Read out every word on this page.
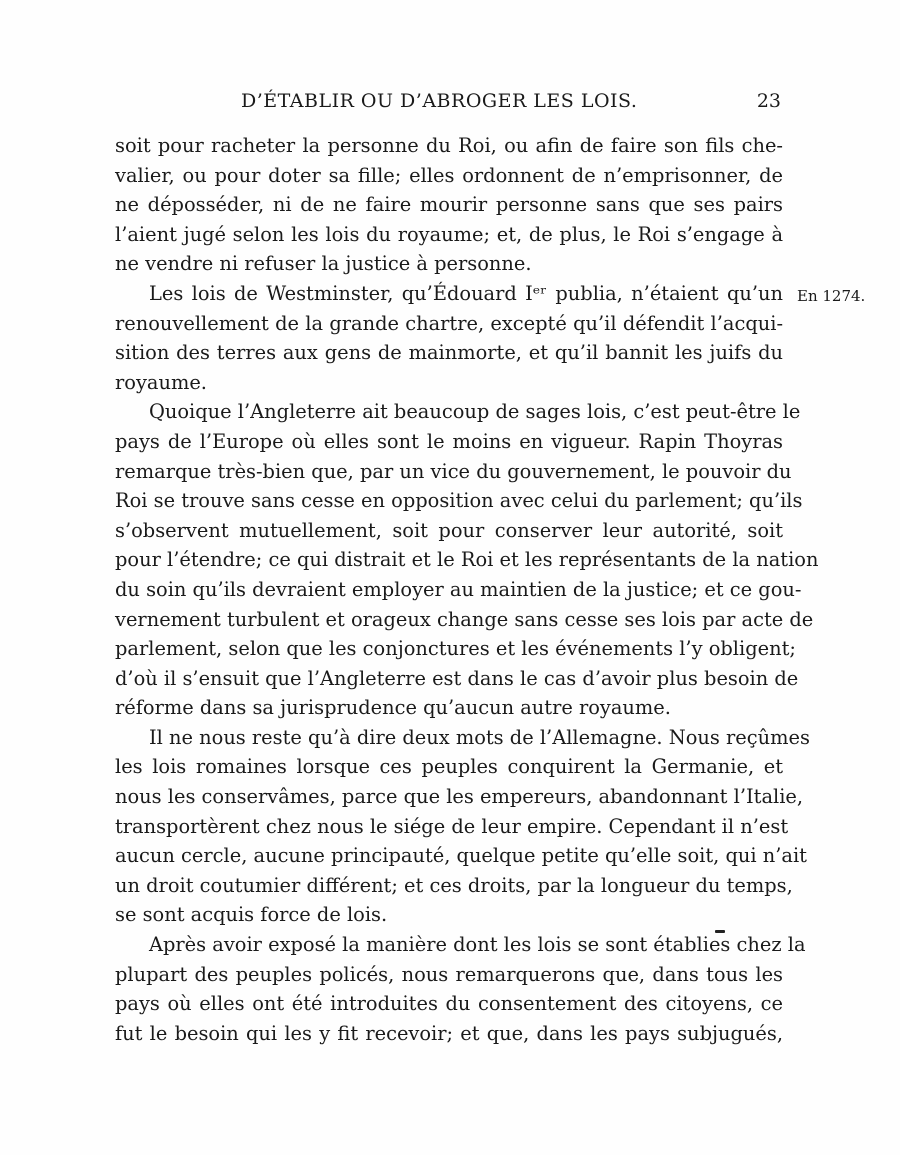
D’ÉTABLIR OU D’ABROGER LES LOIS.	23
En 1274.

soit pour racheter la personne du Roi, ou afin de faire son fils che-
valier, ou pour doter sa fille; elles ordonnent de n’emprisonner, de
ne déposséder, ni de ne faire mourir personne sans que ses pairs
l’aient jugé selon les lois du royaume; et, de plus, le Roi s’engage à
ne vendre ni refuser la justice à personne.

Les lois de Westminster, qu’Édouard Iᵉʳ publia, n’étaient qu’un
renouvellement de la grande chartre, excepté qu’il défendit l’acqui-
sition des terres aux gens de mainmorte, et qu’il bannit les juifs du
royaume.

Quoique l’Angleterre ait beaucoup de sages lois, c’est peut-être le
pays de l’Europe où elles sont le moins en vigueur. Rapin Thoyras
remarque très-bien que, par un vice du gouvernement, le pouvoir du
Roi se trouve sans cesse en opposition avec celui du parlement; qu’ils
s’observent mutuellement, soit pour conserver leur autorité, soit
pour l’étendre; ce qui distrait et le Roi et les représentants de la nation
du soin qu’ils devraient employer au maintien de la justice; et ce gou-
vernement turbulent et orageux change sans cesse ses lois par acte de
parlement, selon que les conjonctures et les événements l’y obligent;
d’où il s’ensuit que l’Angleterre est dans le cas d’avoir plus besoin de
réforme dans sa jurisprudence qu’aucun autre royaume.

Il ne nous reste qu’à dire deux mots de l’Allemagne. Nous reçûmes
les lois romaines lorsque ces peuples conquirent la Germanie, et
nous les conservâmes, parce que les empereurs, abandonnant l’Italie,
transportèrent chez nous le siége de leur empire. Cependant il n’est
aucun cercle, aucune principauté, quelque petite qu’elle soit, qui n’ait
un droit coutumier différent; et ces droits, par la longueur du temps,
se sont acquis force de lois.

Après avoir exposé la manière dont les lois se sont établies chez la
plupart des peuples policés, nous remarquerons que, dans tous les
pays où elles ont été introduites du consentement des citoyens, ce
fut le besoin qui les y fit recevoir; et que, dans les pays subjugués,
